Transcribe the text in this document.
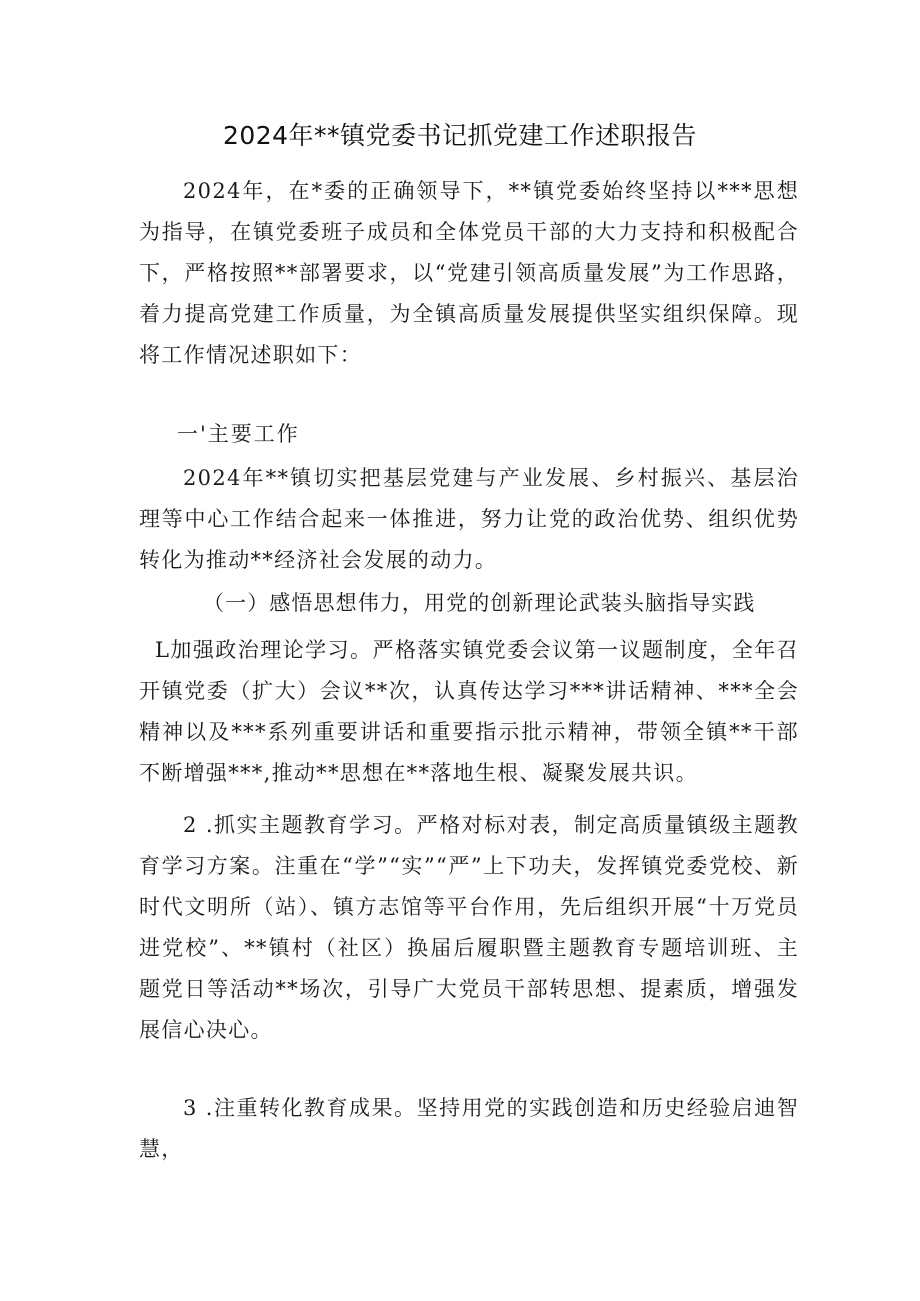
2024年**镇党委书记抓党建工作述职报告

2024年，在*委的正确领导下，**镇党委始终坚持以***思想为指导，在镇党委班子成员和全体党员干部的大力支持和积极配合下，严格按照**部署要求，以“党建引领高质量发展”为工作思路，着力提高党建工作质量，为全镇高质量发展提供坚实组织保障。现将工作情况述职如下：

一'主要工作

2024年**镇切实把基层党建与产业发展、乡村振兴、基层治理等中心工作结合起来一体推进，努力让党的政治优势、组织优势转化为推动**经济社会发展的动力。

（一）感悟思想伟力，用党的创新理论武装头脑指导实践

L加强政治理论学习。严格落实镇党委会议第一议题制度，全年召开镇党委（扩大）会议**次，认真传达学习***讲话精神、***全会精神以及***系列重要讲话和重要指示批示精神，带领全镇**干部不断增强***,推动**思想在**落地生根、凝聚发展共识。

2 .抓实主题教育学习。严格对标对表，制定高质量镇级主题教育学习方案。注重在“学”“实”“严”上下功夫，发挥镇党委党校、新时代文明所（站）、镇方志馆等平台作用，先后组织开展“十万党员进党校”、**镇村（社区）换届后履职暨主题教育专题培训班、主题党日等活动**场次，引导广大党员干部转思想、提素质，增强发展信心决心。

3 .注重转化教育成果。坚持用党的实践创造和历史经验启迪智慧，
